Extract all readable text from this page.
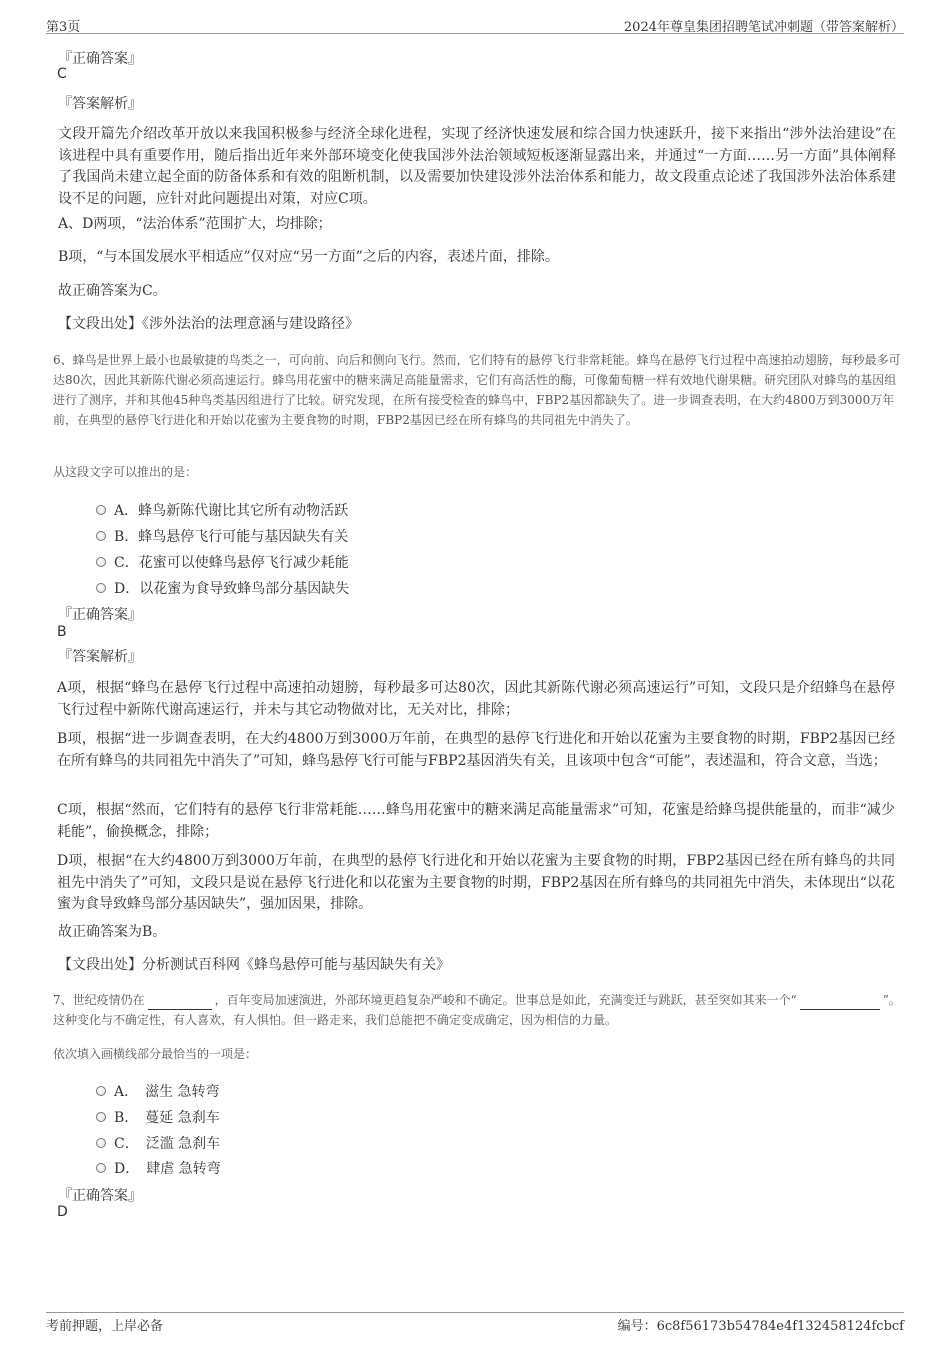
第3页	2024年尊皇集团招聘笔试冲刺题（带答案解析）
『正确答案』
C
『答案解析』
文段开篇先介绍改革开放以来我国积极参与经济全球化进程，实现了经济快速发展和综合国力快速跃升，接下来指出“涉外法治建设”在该进程中具有重要作用，随后指出近年来外部环境变化使我国涉外法治领域短板逐渐显露出来，并通过“一方面……另一方面”具体阐释了我国尚未建立起全面的防备体系和有效的阻断机制，以及需要加快建设涉外法治体系和能力，故文段重点论述了我国涉外法治体系建设不足的问题，应针对此问题提出对策，对应C项。
A、D两项，“法治体系”范围扩大，均排除；
B项，“与本国发展水平相适应”仅对应“另一方面”之后的内容，表述片面，排除。
故正确答案为C。
【文段出处】《涉外法治的法理意涵与建设路径》
6、蜂鸟是世界上最小也最敏捷的鸟类之一，可向前、向后和侧向飞行。然而，它们特有的悬停飞行非常耗能。蜂鸟在悬停飞行过程中高速拍动翅膀，每秒最多可达80次，因此其新陈代谢必须高速运行。蜂鸟用花蜜中的糖来满足高能量需求，它们有高活性的酶，可像葡萄糖一样有效地代谢果糖。研究团队对蜂鸟的基因组进行了测序，并和其他45种鸟类基因组进行了比较。研究发现，在所有接受检查的蜂鸟中，FBP2基因都缺失了。进一步调查表明，在大约4800万到3000万年前，在典型的悬停飞行进化和开始以花蜜为主要食物的时期，FBP2基因已经在所有蜂鸟的共同祖先中消失了。
从这段文字可以推出的是：
A．蜂鸟新陈代谢比其它所有动物活跃
B．蜂鸟悬停飞行可能与基因缺失有关
C．花蜜可以使蜂鸟悬停飞行减少耗能
D．以花蜜为食导致蜂鸟部分基因缺失
『正确答案』
B
『答案解析』
A项，根据“蜂鸟在悬停飞行过程中高速拍动翅膀，每秒最多可达80次，因此其新陈代谢必须高速运行”可知，文段只是介绍蜂鸟在悬停飞行过程中新陈代谢高速运行，并未与其它动物做对比，无关对比，排除；
B项，根据“进一步调查表明，在大约4800万到3000万年前，在典型的悬停飞行进化和开始以花蜜为主要食物的时期，FBP2基因已经在所有蜂鸟的共同祖先中消失了”可知，蜂鸟悬停飞行可能与FBP2基因消失有关，且该项中包含“可能”，表述温和，符合文意，当选；
C项，根据“然而，它们特有的悬停飞行非常耗能……蜂鸟用花蜜中的糖来满足高能量需求”可知，花蜜是给蜂鸟提供能量的，而非“减少耗能”，偷换概念，排除；
D项，根据“在大约4800万到3000万年前，在典型的悬停飞行进化和开始以花蜜为主要食物的时期，FBP2基因已经在所有蜂鸟的共同祖先中消失了”可知，文段只是说在悬停飞行进化和以花蜜为主要食物的时期，FBP2基因在所有蜂鸟的共同祖先中消失，未体现出“以花蜜为食导致蜂鸟部分基因缺失”，强加因果，排除。
故正确答案为B。
【文段出处】分析测试百科网《蜂鸟悬停可能与基因缺失有关》
7、世纪疫情仍在	，百年变局加速演进，外部环境更趋复杂严峻和不确定。世事总是如此，充满变迁与跳跃，甚至突如其来一个“	”。这种变化与不确定性，有人喜欢，有人惧怕。但一路走来，我们总能把不确定变成确定，因为相信的力量。
依次填入画横线部分最恰当的一项是：
A．　滋生 急转弯
B．　蔓延 急刹车
C．　泛滥 急刹车
D．　肆虐 急转弯
『正确答案』
D
考前押题，上岸必备	编号：6c8f56173b54784e4f132458124fcbcf
